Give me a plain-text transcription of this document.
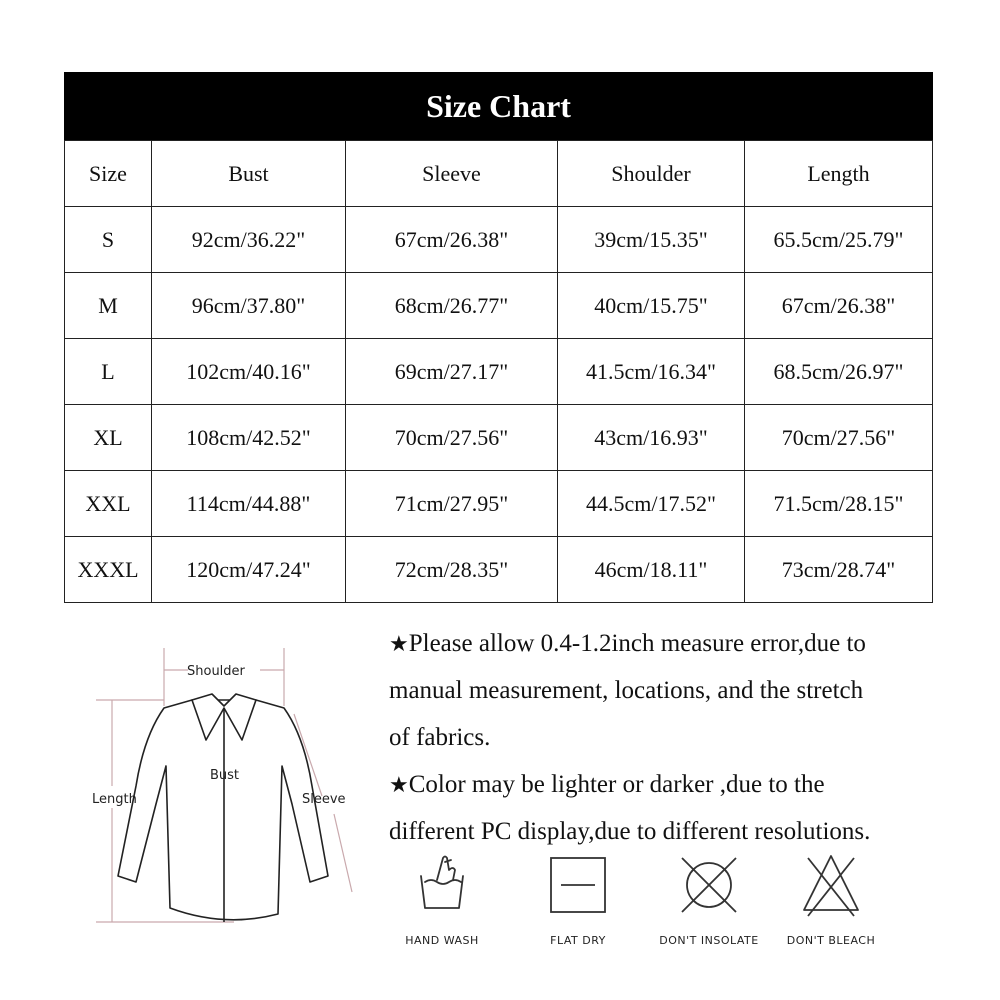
Size Chart
Size	Bust	Sleeve	Shoulder	Length
S	92cm/36.22"	67cm/26.38"	39cm/15.35"	65.5cm/25.79"
M	96cm/37.80"	68cm/26.77"	40cm/15.75"	67cm/26.38"
L	102cm/40.16"	69cm/27.17"	41.5cm/16.34"	68.5cm/26.97"
XL	108cm/42.52"	70cm/27.56"	43cm/16.93"	70cm/27.56"
XXL	114cm/44.88"	71cm/27.95"	44.5cm/17.52"	71.5cm/28.15"
XXXL	120cm/47.24"	72cm/28.35"	46cm/18.11"	73cm/28.74"
Shoulder
Bust
Length	Sleeve

★Please allow 0.4-1.2inch measure error,due to

manual measurement, locations, and the stretch

of fabrics.

★Color may be lighter or darker ,due to the

different PC display,due to different resolutions.

HAND WASH	FLAT DRY	DON'T INSOLATE	DON'T BLEACH
